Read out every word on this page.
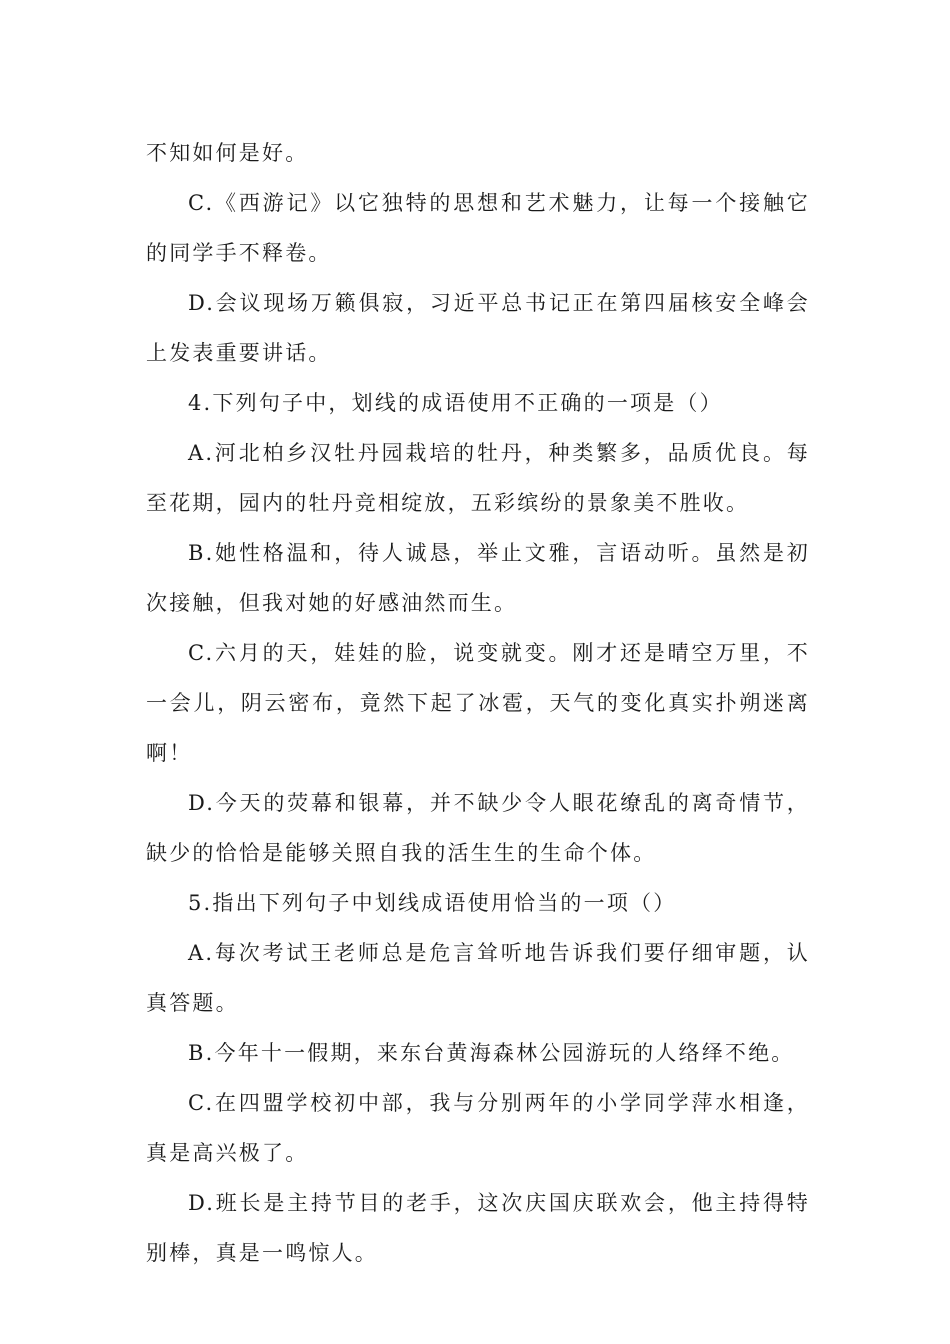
不知如何是好。

C.《西游记》以它独特的思想和艺术魅力，让每一个接触它的同学手不释卷。

D.会议现场万籁俱寂，习近平总书记正在第四届核安全峰会上发表重要讲话。

4.下列句子中，划线的成语使用不正确的一项是（）

A.河北柏乡汉牡丹园栽培的牡丹，种类繁多，品质优良。每至花期，园内的牡丹竞相绽放，五彩缤纷的景象美不胜收。

B.她性格温和，待人诚恳，举止文雅，言语动听。虽然是初次接触，但我对她的好感油然而生。

C.六月的天，娃娃的脸，说变就变。刚才还是晴空万里，不一会儿，阴云密布，竟然下起了冰雹，天气的变化真实扑朔迷离啊！

D.今天的荧幕和银幕，并不缺少令人眼花缭乱的离奇情节，缺少的恰恰是能够关照自我的活生生的生命个体。

5.指出下列句子中划线成语使用恰当的一项（）

A.每次考试王老师总是危言耸听地告诉我们要仔细审题，认真答题。

B.今年十一假期，来东台黄海森林公园游玩的人络绎不绝。

C.在四盟学校初中部，我与分别两年的小学同学萍水相逢，真是高兴极了。

D.班长是主持节目的老手，这次庆国庆联欢会，他主持得特别棒，真是一鸣惊人。
